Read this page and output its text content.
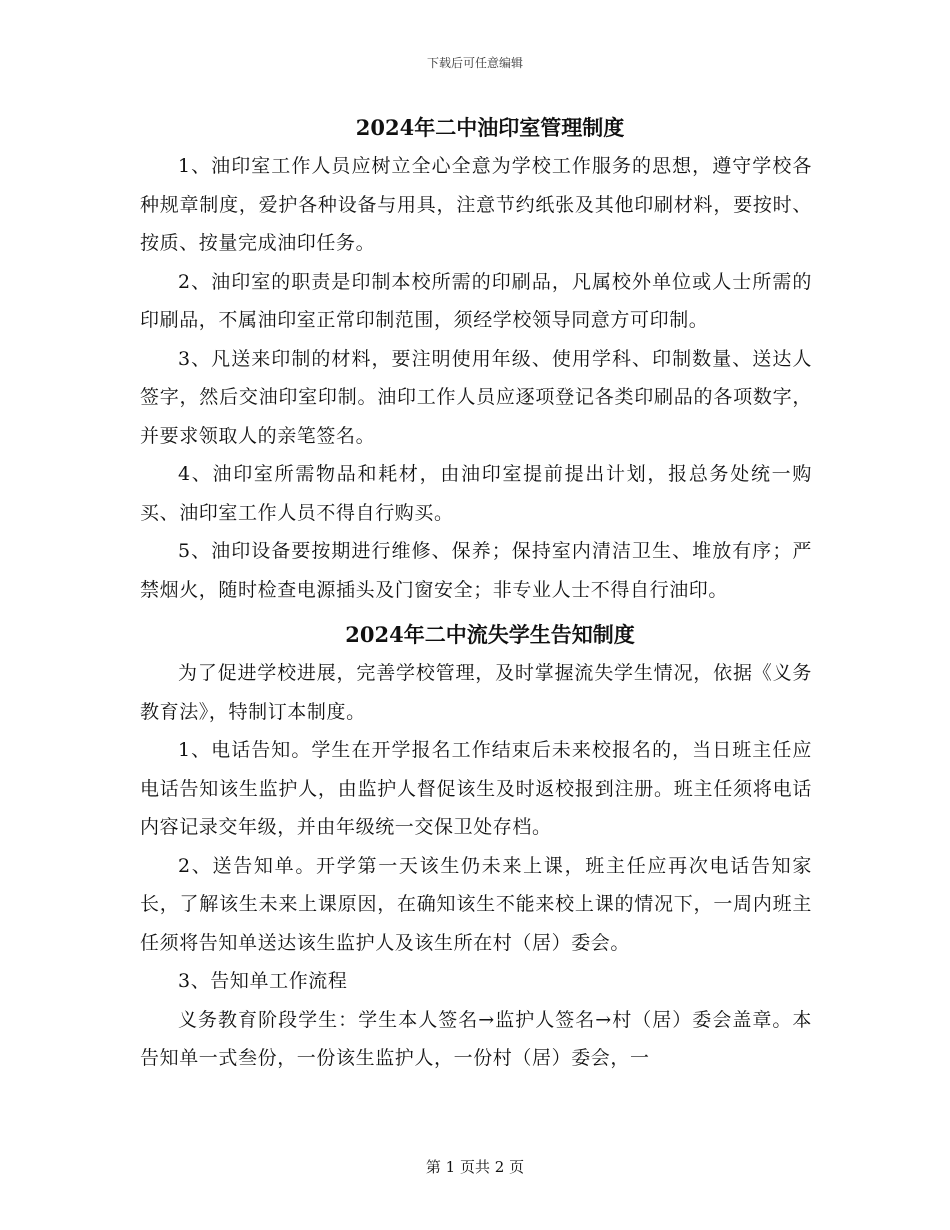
下载后可任意编辑
2024年二中油印室管理制度

1、油印室工作人员应树立全心全意为学校工作服务的思想，遵守学校各种规章制度，爱护各种设备与用具，注意节约纸张及其他印刷材料，要按时、按质、按量完成油印任务。

2、油印室的职责是印制本校所需的印刷品，凡属校外单位或人士所需的印刷品，不属油印室正常印制范围，须经学校领导同意方可印制。

3、凡送来印制的材料，要注明使用年级、使用学科、印制数量、送达人签字，然后交油印室印制。油印工作人员应逐项登记各类印刷品的各项数字，并要求领取人的亲笔签名。

4、油印室所需物品和耗材，由油印室提前提出计划，报总务处统一购买、油印室工作人员不得自行购买。

5、油印设备要按期进行维修、保养；保持室内清洁卫生、堆放有序；严禁烟火，随时检查电源插头及门窗安全；非专业人士不得自行油印。

2024年二中流失学生告知制度

为了促进学校进展，完善学校管理，及时掌握流失学生情况，依据《义务教育法》，特制订本制度。

1、电话告知。学生在开学报名工作结束后未来校报名的，当日班主任应电话告知该生监护人，由监护人督促该生及时返校报到注册。班主任须将电话内容记录交年级，并由年级统一交保卫处存档。

2、送告知单。开学第一天该生仍未来上课，班主任应再次电话告知家长，了解该生未来上课原因，在确知该生不能来校上课的情况下，一周内班主任须将告知单送达该生监护人及该生所在村（居）委会。

3、告知单工作流程

义务教育阶段学生：学生本人签名→监护人签名→村（居）委会盖章。本告知单一式叁份，一份该生监护人，一份村（居）委会，一

第 1 页共 2 页
